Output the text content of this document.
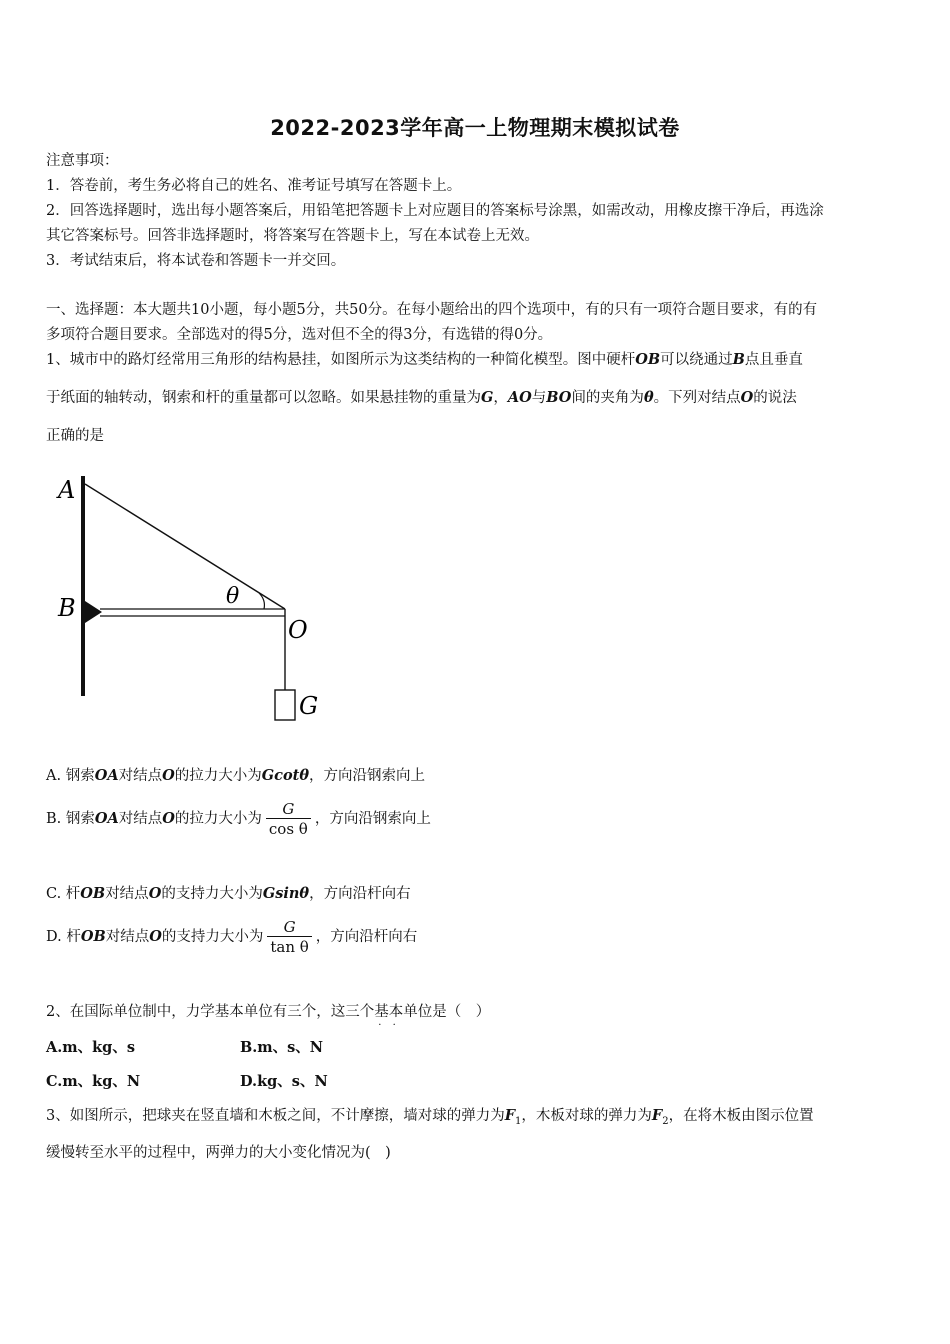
2022-2023学年高一上物理期末模拟试卷
注意事项：
1．答卷前，考生务必将自己的姓名、准考证号填写在答题卡上。
2．回答选择题时，选出每小题答案后，用铅笔把答题卡上对应题目的答案标号涂黑，如需改动，用橡皮擦干净后，再选涂
其它答案标号。回答非选择题时，将答案写在答题卡上，写在本试卷上无效。
3．考试结束后，将本试卷和答题卡一并交回。
一、选择题：本大题共10小题，每小题5分，共50分。在每小题给出的四个选项中，有的只有一项符合题目要求，有的有
多项符合题目要求。全部选对的得5分，选对但不全的得3分，有选错的得0分。
1、城市中的路灯经常用三角形的结构悬挂，如图所示为这类结构的一种简化模型。图中硬杆OB可以绕通过B点且垂直
于纸面的轴转动，钢索和杆的重量都可以忽略。如果悬挂物的重量为G，AO与BO间的夹角为θ。下列对结点O的说法
正确的是
A
B
O
G
θ
A. 钢索OA对结点O的拉力大小为Gcotθ，方向沿钢索向上
B. 钢索OA对结点O的拉力大小为 $\frac{G}{\text{cos θ}}$ ，方向沿钢索向上
C. 杆OB对结点O的支持力大小为Gsinθ，方向沿杆向右
D. 杆OB对结点O的支持力大小为 $\frac{G}{\text{tan θ}}$ ，方向沿杆向右
2、在国际单位制中，力学基本单位有三个，这三个基本 · ·单位是（　）
A.m、kg、s	B.m、s、N
C.m、kg、N	D.kg、s、N
3、如图所示，把球夹在竖直墙和木板之间，不计摩擦，墙对球的弹力为$F_1$，木板对球的弹力为$F_2$，在将木板由图示位置
缓慢转至水平的过程中，两弹力的大小变化情况为(　)
